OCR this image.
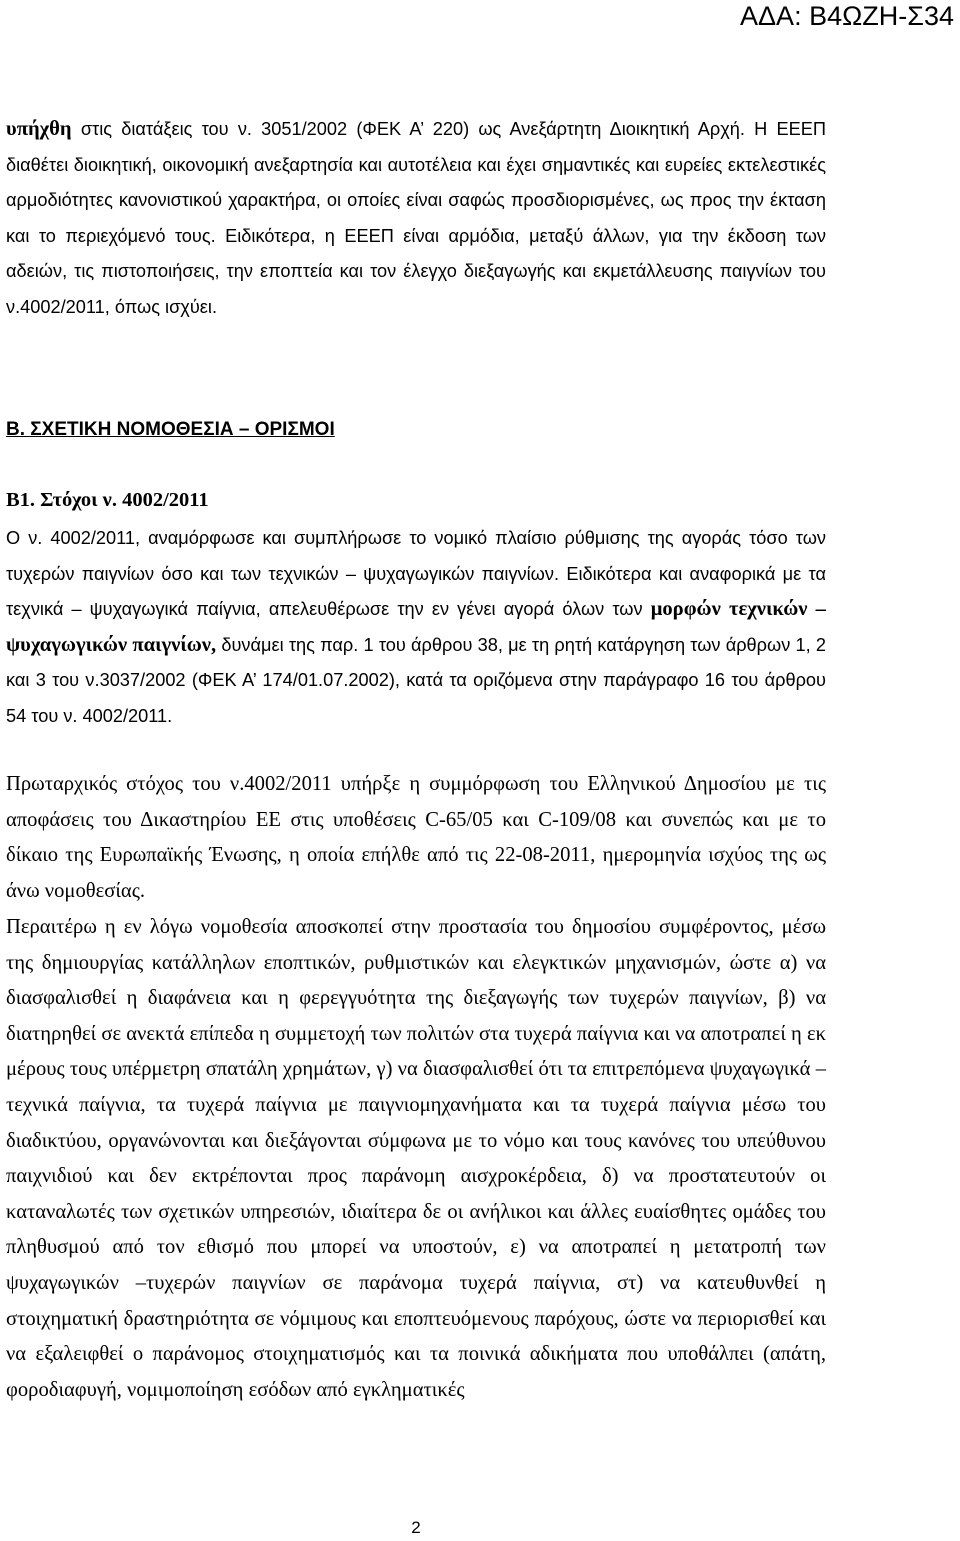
ΑΔΑ: Β4ΩΖΗ-Σ34

υπήχθη στις διατάξεις του ν. 3051/2002 (ΦΕΚ Α’ 220) ως Ανεξάρτητη Διοικητική Αρχή. Η ΕΕΕΠ διαθέτει διοικητική, οικονομική ανεξαρτησία και αυτοτέλεια και έχει σημαντικές και ευρείες εκτελεστικές αρμοδιότητες κανονιστικού χαρακτήρα, οι οποίες είναι σαφώς προσδιορισμένες, ως προς την έκταση και το περιεχόμενό τους. Ειδικότερα, η ΕΕΕΠ είναι αρμόδια, μεταξύ άλλων, για την έκδοση των αδειών, τις πιστοποιήσεις, την εποπτεία και τον έλεγχο διεξαγωγής και εκμετάλλευσης παιγνίων του ν.4002/2011, όπως ισχύει.

Β. ΣΧΕΤΙΚΗ ΝΟΜΟΘΕΣΙΑ – ΟΡΙΣΜΟΙ
Β1. Στόχοι ν. 4002/2011

Ο ν. 4002/2011, αναμόρφωσε και συμπλήρωσε το νομικό πλαίσιο ρύθμισης της αγοράς τόσο των τυχερών παιγνίων όσο και των τεχνικών – ψυχαγωγικών παιγνίων. Ειδικότερα και αναφορικά με τα τεχνικά – ψυχαγωγικά παίγνια, απελευθέρωσε την εν γένει αγορά όλων των μορφών τεχνικών – ψυχαγωγικών παιγνίων, δυνάμει της παρ. 1 του άρθρου 38, με τη ρητή κατάργηση των άρθρων 1, 2 και 3 του ν.3037/2002 (ΦΕΚ Α’ 174/01.07.2002), κατά τα οριζόμενα στην παράγραφο 16 του άρθρου 54 του ν. 4002/2011.

Πρωταρχικός στόχος του ν.4002/2011 υπήρξε η συμμόρφωση του Ελληνικού Δημοσίου με τις αποφάσεις του Δικαστηρίου ΕΕ στις υποθέσεις C-65/05 και C-109/08 και συνεπώς και με το δίκαιο της Ευρωπαϊκής Ένωσης, η οποία επήλθε από τις 22-08-2011, ημερομηνία ισχύος της ως άνω νομοθεσίας.

Περαιτέρω η εν λόγω νομοθεσία αποσκοπεί στην προστασία του δημοσίου συμφέροντος, μέσω της δημιουργίας κατάλληλων εποπτικών, ρυθμιστικών και ελεγκτικών μηχανισμών, ώστε α) να διασφαλισθεί η διαφάνεια και η φερεγγυότητα της διεξαγωγής των τυχερών παιγνίων, β) να διατηρηθεί σε ανεκτά επίπεδα η συμμετοχή των πολιτών στα τυχερά παίγνια και να αποτραπεί η εκ μέρους τους υπέρμετρη σπατάλη χρημάτων, γ) να διασφαλισθεί ότι τα επιτρεπόμενα ψυχαγωγικά – τεχνικά παίγνια, τα τυχερά παίγνια με παιγνιομηχανήματα και τα τυχερά παίγνια μέσω του διαδικτύου, οργανώνονται και διεξάγονται σύμφωνα με το νόμο και τους κανόνες του υπεύθυνου παιχνιδιού και δεν εκτρέπονται προς παράνομη αισχροκέρδεια, δ) να προστατευτούν οι καταναλωτές των σχετικών υπηρεσιών, ιδιαίτερα δε οι ανήλικοι και άλλες ευαίσθητες ομάδες του πληθυσμού από τον εθισμό που μπορεί να υποστούν, ε) να αποτραπεί η μετατροπή των ψυχαγωγικών –τυχερών παιγνίων σε παράνομα τυχερά παίγνια, στ) να κατευθυνθεί η στοιχηματική δραστηριότητα σε νόμιμους και εποπτευόμενους παρόχους, ώστε να περιορισθεί και να εξαλειφθεί ο παράνομος στοιχηματισμός και τα ποινικά αδικήματα που υποθάλπει (απάτη, φοροδιαφυγή, νομιμοποίηση εσόδων από εγκληματικές

2
